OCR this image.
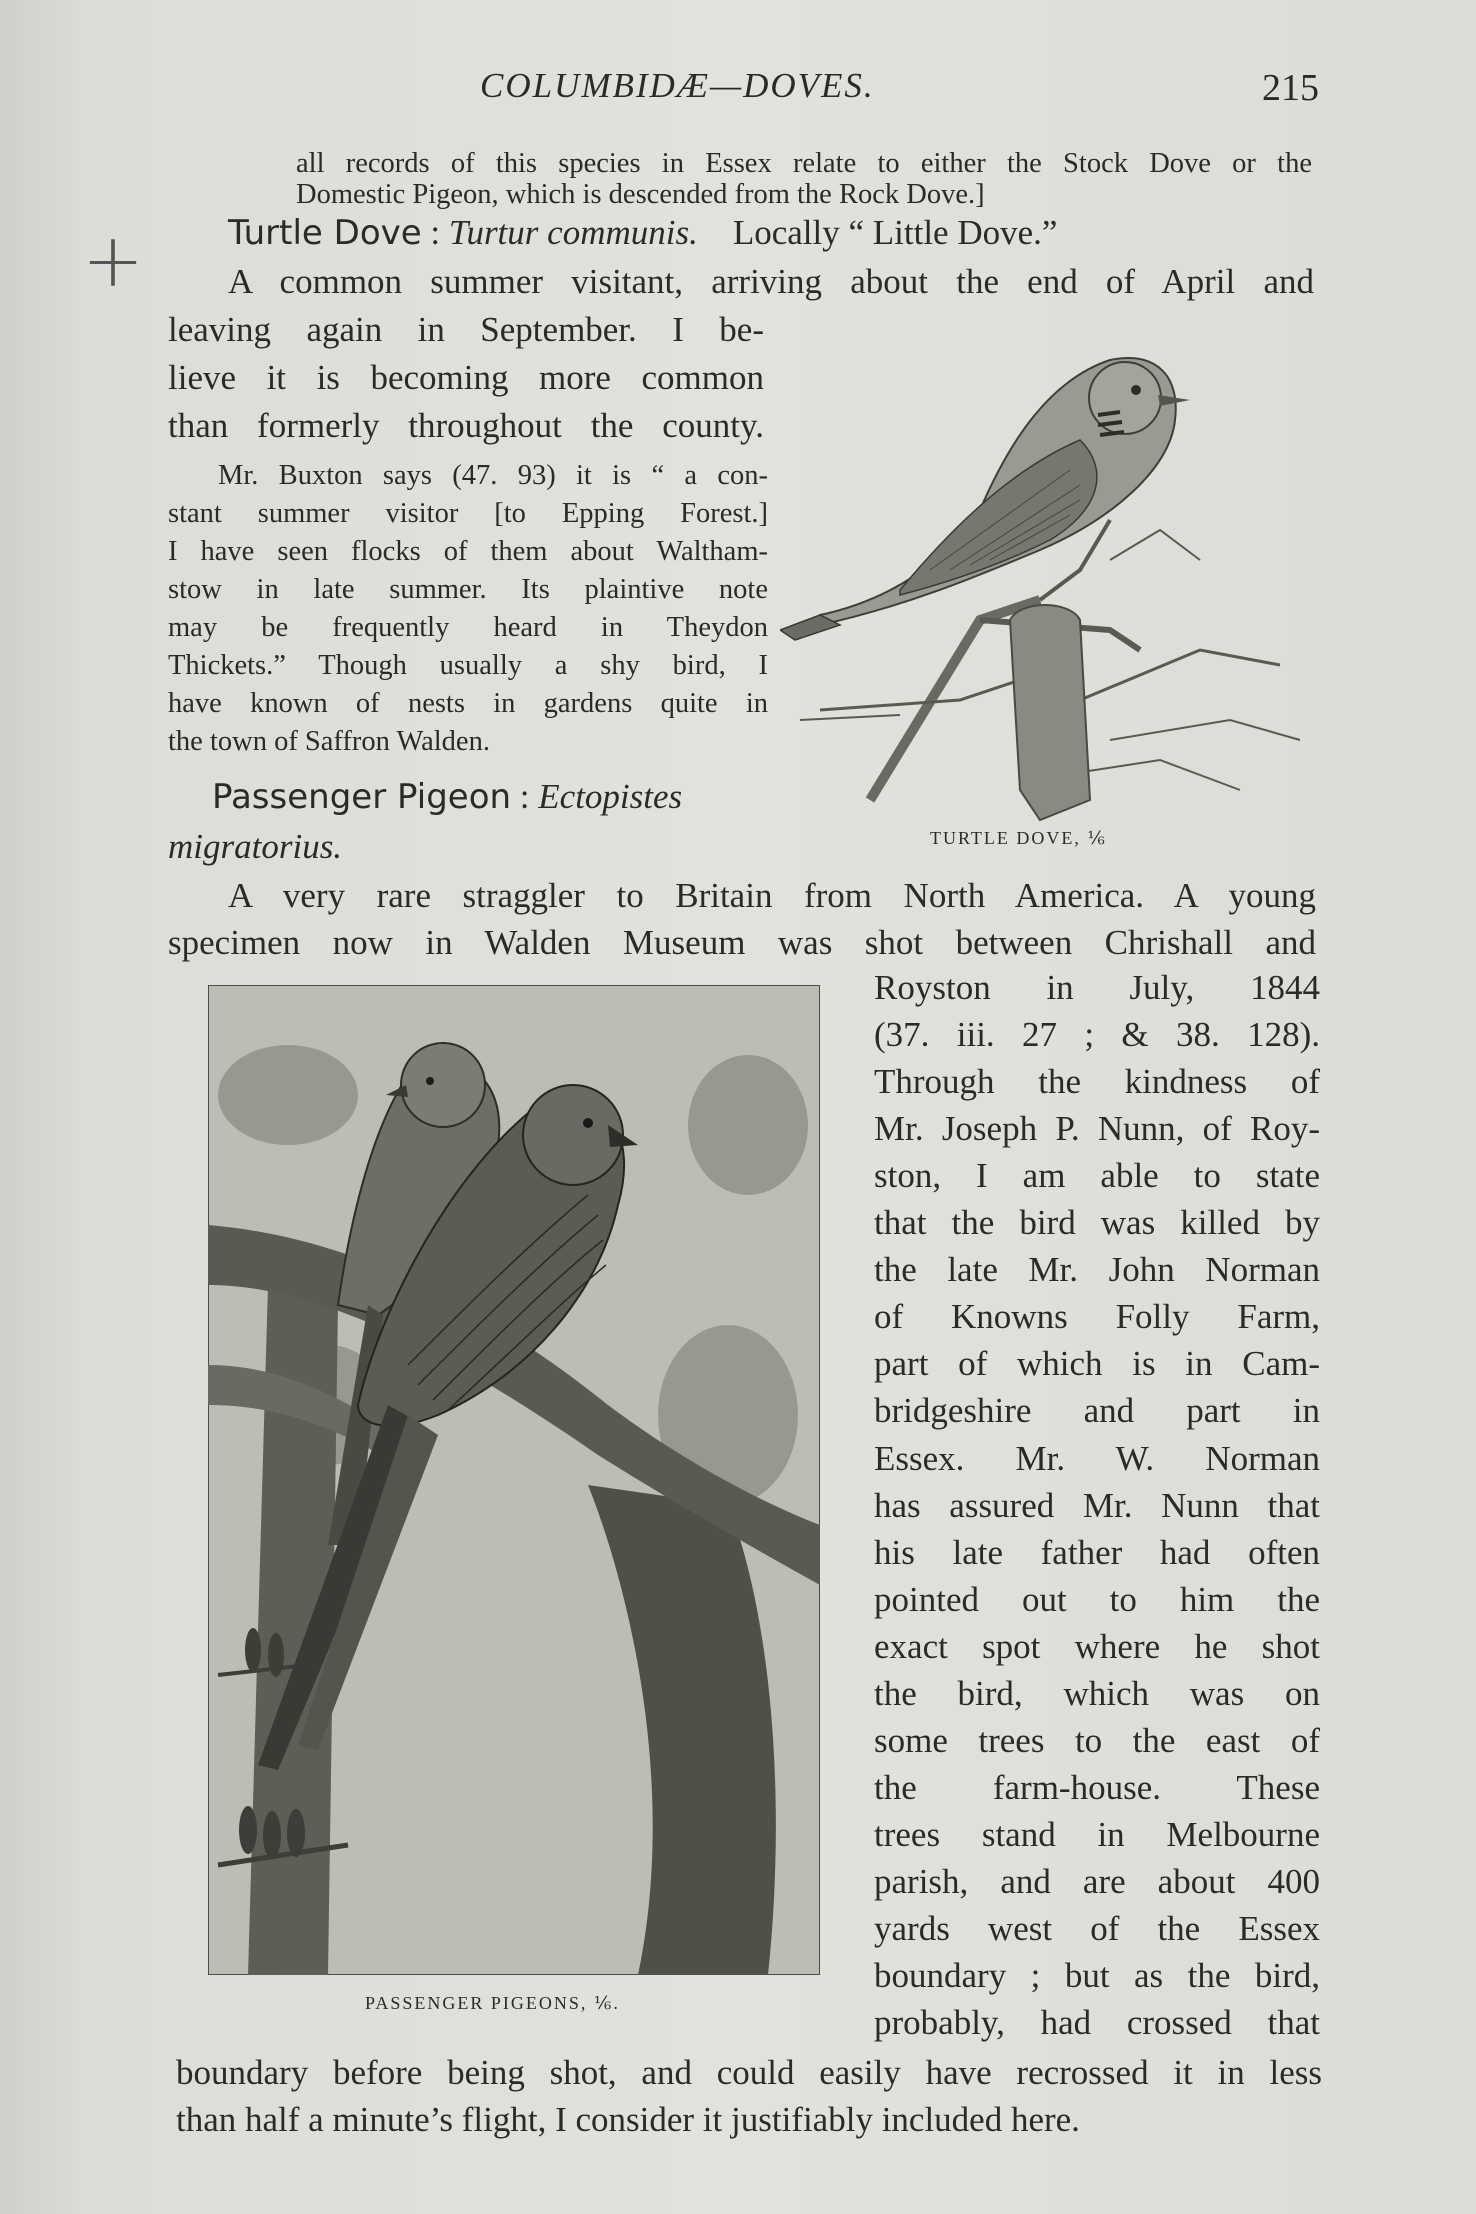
COLUMBIDÆ—DOVES.	215
+
all records of this species in Essex relate to either the Stock Dove or the
Domestic Pigeon, which is descended from the Rock Dove.]
Turtle Dove : Turtur communis. Locally “ Little Dove.”
A common summer visitant, arriving about the end of April and
leaving again in September. I be-
lieve it is becoming more common
than formerly throughout the county.
Mr. Buxton says (47. 93) it is “ a con-
stant summer visitor [to Epping Forest.]
I have seen flocks of them about Waltham-
stow in late summer. Its plaintive note
may be frequently heard in Theydon
Thickets.” Though usually a shy bird, I
have known of nests in gardens quite in
the town of Saffron Walden.
Passenger Pigeon : Ectopistes
migratorius.	TURTLE DOVE, ⅙
A very rare straggler to Britain from North America. A young
specimen now in Walden Museum was shot between Chrishall and
PASSENGER PIGEONS, ⅙.
Royston in July, 1844
(37. iii. 27 ; & 38. 128).
Through the kindness of
Mr. Joseph P. Nunn, of Roy-
ston, I am able to state
that the bird was killed by
the late Mr. John Norman
of Knowns Folly Farm,
part of which is in Cam-
bridgeshire and part in
Essex. Mr. W. Norman
has assured Mr. Nunn that
his late father had often
pointed out to him the
exact spot where he shot
the bird, which was on
some trees to the east of
the farm-house. These
trees stand in Melbourne
parish, and are about 400
yards west of the Essex
boundary ; but as the bird,
probably, had crossed that
boundary before being shot, and could easily have recrossed it in less
than half a minute’s flight, I consider it justifiably included here.
